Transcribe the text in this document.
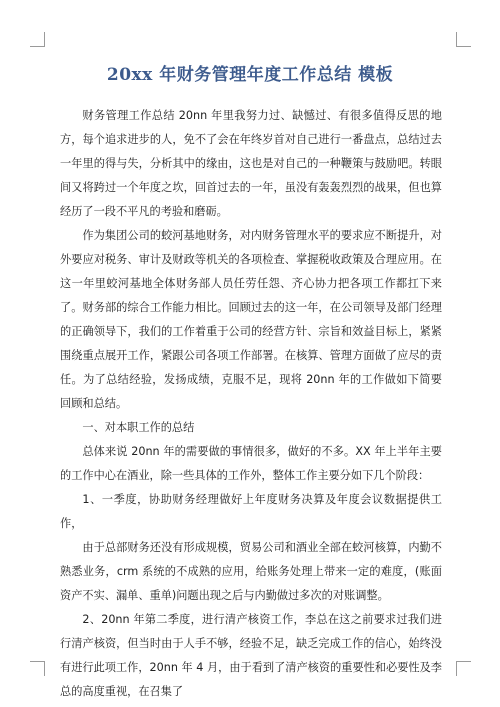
20xx 年财务管理年度工作总结 模板

财务管理工作总结 20nn 年里我努力过、缺憾过、有很多值得反思的地方，每个追求进步的人，免不了会在年终岁首对自己进行一番盘点，总结过去一年里的得与失，分析其中的缘由，这也是对自己的一种鞭策与鼓励吧。转眼间又将跨过一个年度之坎，回首过去的一年，虽没有轰轰烈烈的战果，但也算经历了一段不平凡的考验和磨砺。

作为集团公司的蛟河基地财务，对内财务管理水平的要求应不断提升，对外要应对税务、审计及财政等机关的各项检查、掌握税收政策及合理应用。在这一年里蛟河基地全体财务部人员任劳任怨、齐心协力把各项工作都扛下来了。财务部的综合工作能力相比。回顾过去的这一年，在公司领导及部门经理的正确领导下，我们的工作着重于公司的经营方针、宗旨和效益目标上，紧紧围绕重点展开工作，紧跟公司各项工作部署。在核算、管理方面做了应尽的责任。为了总结经验，发扬成绩，克服不足，现将 20nn 年的工作做如下简要回顾和总结。

一、对本职工作的总结

总体来说 20nn 年的需要做的事情很多，做好的不多。XX 年上半年主要的工作中心在酒业，除一些具体的工作外，整体工作主要分如下几个阶段：

1、一季度，协助财务经理做好上年度财务决算及年度会议数据提供工作，

由于总部财务还没有形成规模，贸易公司和酒业全部在蛟河核算，内勤不熟悉业务，crm 系统的不成熟的应用，给账务处理上带来一定的难度，(账面资产不实、漏单、重单)问题出现之后与内勤做过多次的对账调整。

2、20nn 年第二季度，进行清产核资工作，李总在这之前要求过我们进行清产核资，但当时由于人手不够，经验不足，缺乏完成工作的信心，始终没有进行此项工作，20nn 年 4 月，由于看到了清产核资的重要性和必要性及李总的高度重视，在召集了
